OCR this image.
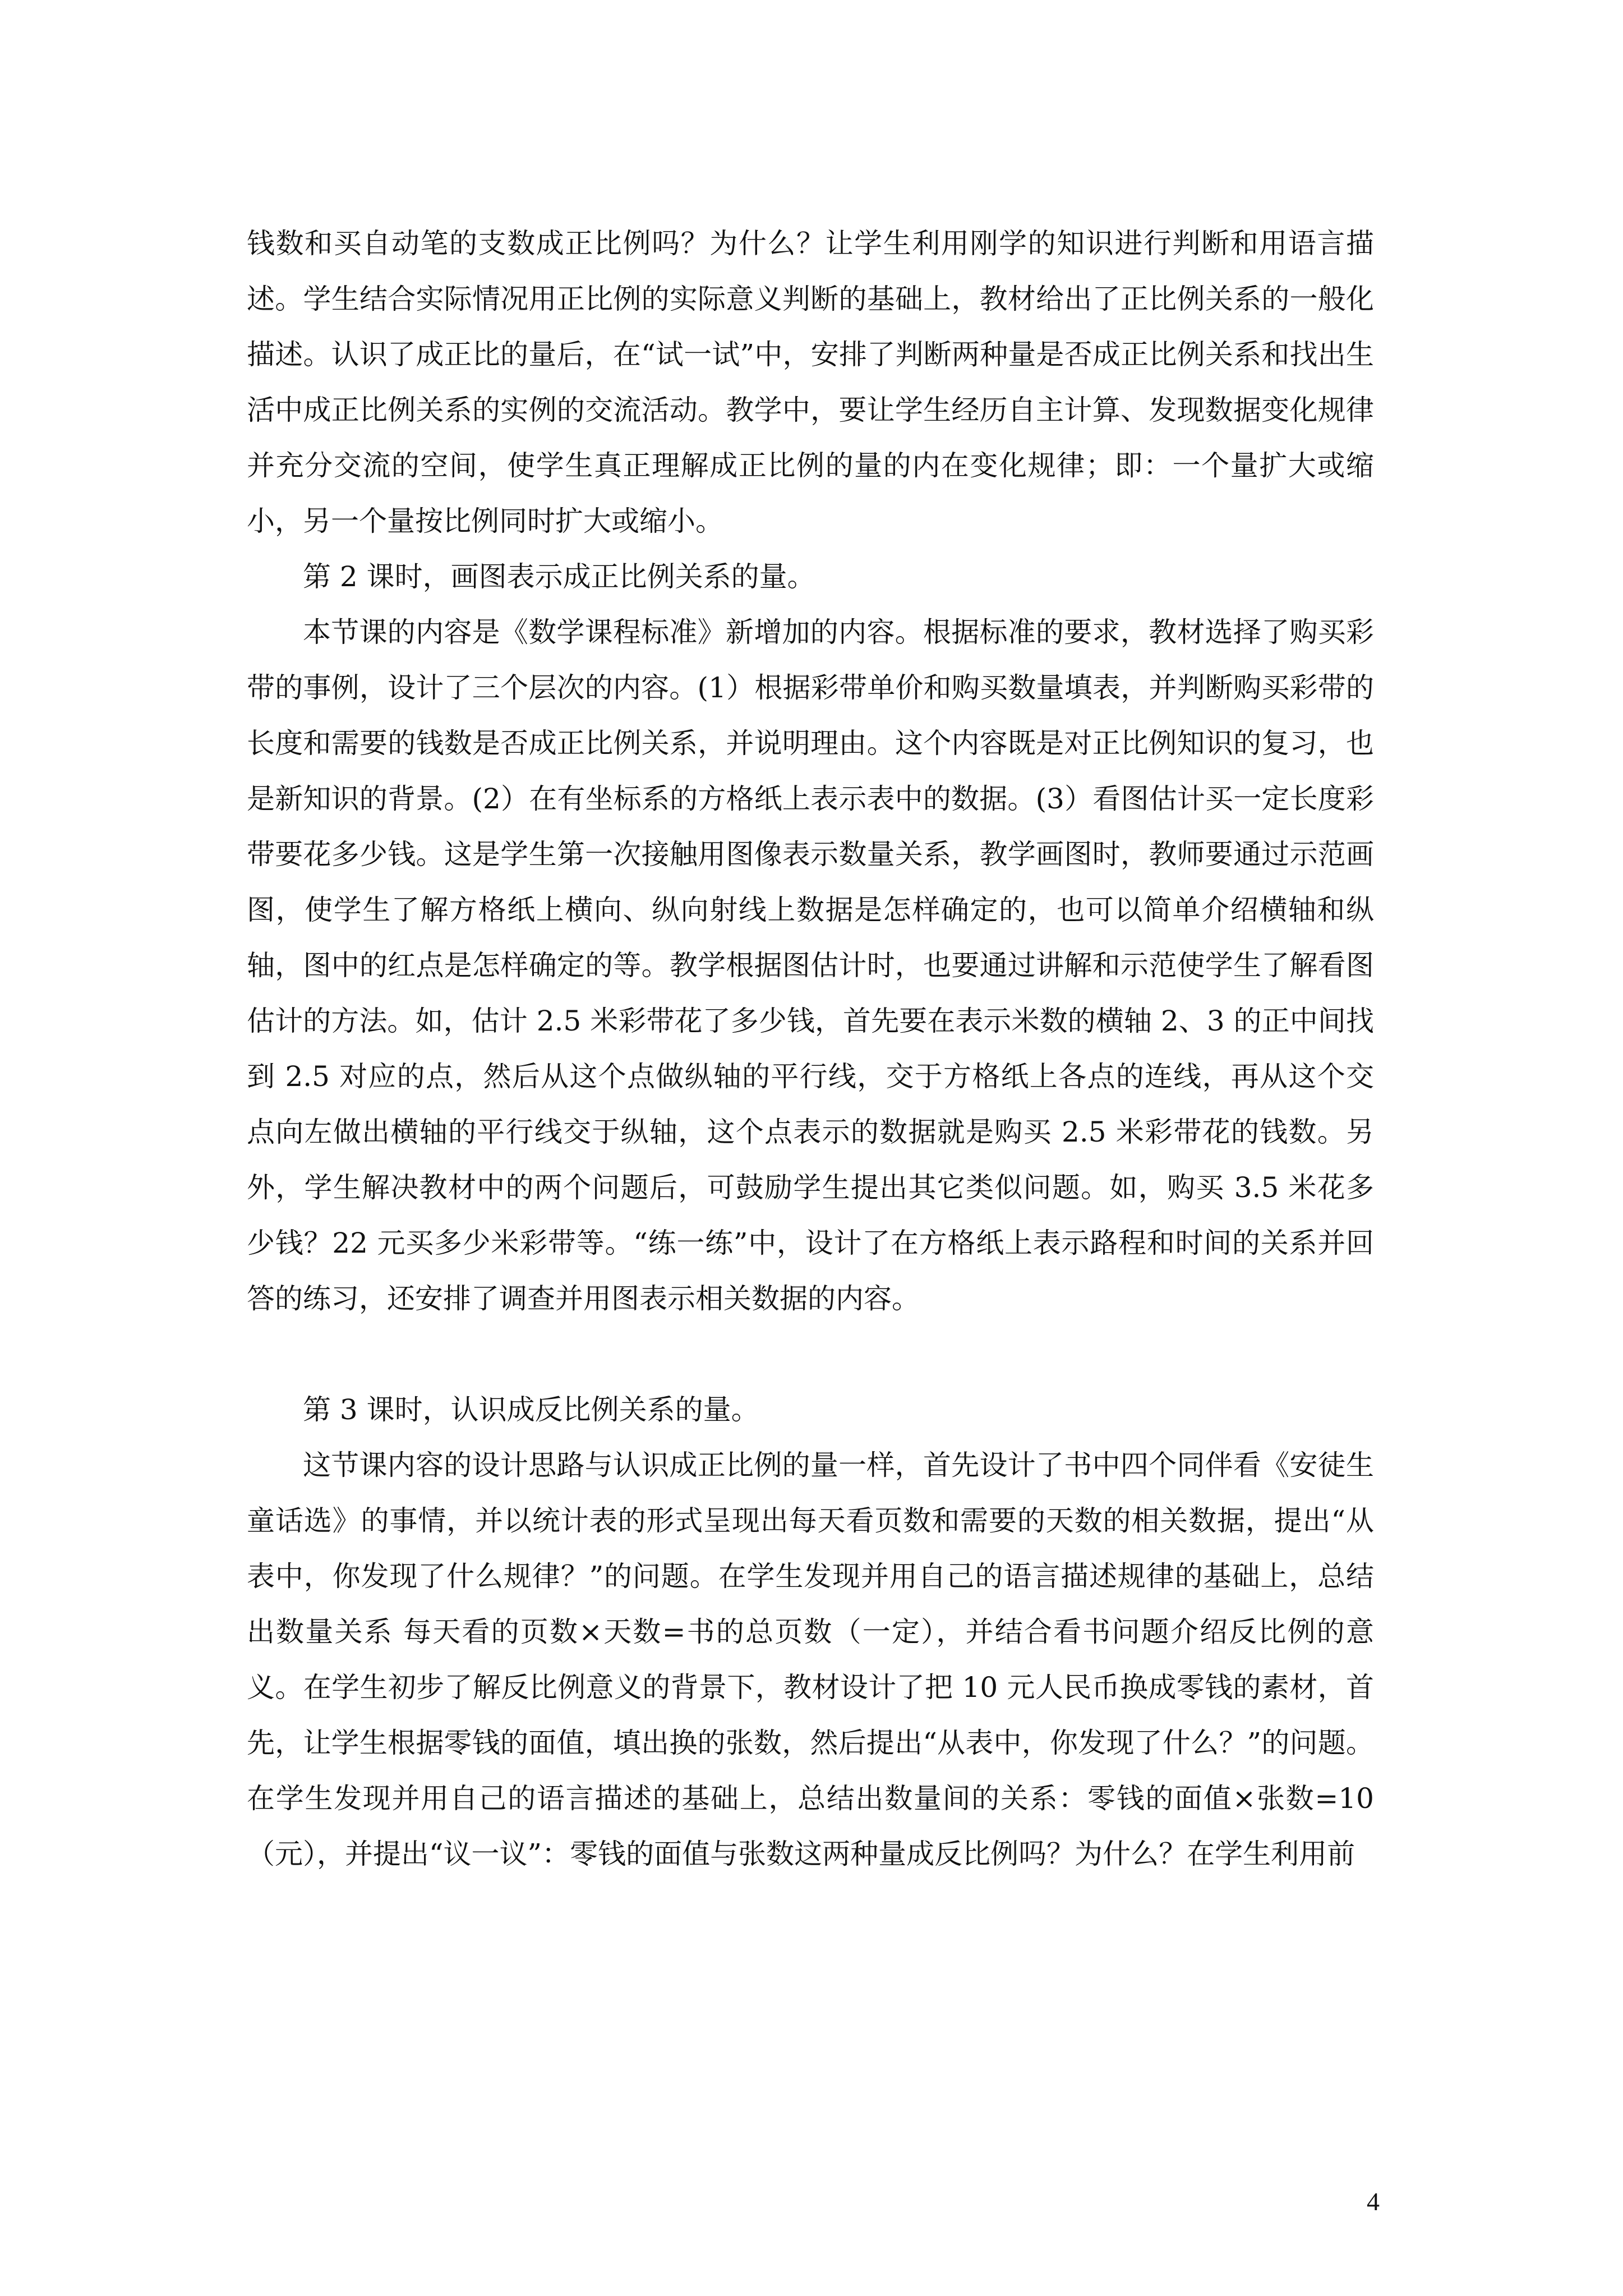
钱数和买自动笔的支数成正比例吗？为什么？让学生利用刚学的知识进行判断和用语言描述。学生结合实际情况用正比例的实际意义判断的基础上，教材给出了正比例关系的一般化描述。认识了成正比的量后，在“试一试”中，安排了判断两种量是否成正比例关系和找出生活中成正比例关系的实例的交流活动。教学中，要让学生经历自主计算、发现数据变化规律并充分交流的空间，使学生真正理解成正比例的量的内在变化规律；即：一个量扩大或缩小，另一个量按比例同时扩大或缩小。

第 2 课时，画图表示成正比例关系的量。

本节课的内容是《数学课程标准》新增加的内容。根据标准的要求，教材选择了购买彩带的事例，设计了三个层次的内容。(1）根据彩带单价和购买数量填表，并判断购买彩带的长度和需要的钱数是否成正比例关系，并说明理由。这个内容既是对正比例知识的复习，也是新知识的背景。(2）在有坐标系的方格纸上表示表中的数据。(3）看图估计买一定长度彩带要花多少钱。这是学生第一次接触用图像表示数量关系，教学画图时，教师要通过示范画图，使学生了解方格纸上横向、纵向射线上数据是怎样确定的，也可以简单介绍横轴和纵轴，图中的红点是怎样确定的等。教学根据图估计时，也要通过讲解和示范使学生了解看图估计的方法。如，估计 2.5 米彩带花了多少钱，首先要在表示米数的横轴 2、3 的正中间找到 2.5 对应的点，然后从这个点做纵轴的平行线，交于方格纸上各点的连线，再从这个交点向左做出横轴的平行线交于纵轴，这个点表示的数据就是购买 2.5 米彩带花的钱数。另外，学生解决教材中的两个问题后，可鼓励学生提出其它类似问题。如，购买 3.5 米花多少钱？22 元买多少米彩带等。“练一练”中，设计了在方格纸上表示路程和时间的关系并回答的练习，还安排了调查并用图表示相关数据的内容。

第 3 课时，认识成反比例关系的量。

这节课内容的设计思路与认识成正比例的量一样，首先设计了书中四个同伴看《安徒生童话选》的事情，并以统计表的形式呈现出每天看页数和需要的天数的相关数据，提出“从表中，你发现了什么规律？”的问题。在学生发现并用自己的语言描述规律的基础上，总结出数量关系 每天看的页数×天数=书的总页数（一定），并结合看书问题介绍反比例的意义。在学生初步了解反比例意义的背景下，教材设计了把 10 元人民币换成零钱的素材，首先，让学生根据零钱的面值，填出换的张数，然后提出“从表中，你发现了什么？”的问题。在学生发现并用自己的语言描述的基础上，总结出数量间的关系：零钱的面值×张数=10（元），并提出“议一议”：零钱的面值与张数这两种量成反比例吗？为什么？在学生利用前

4
